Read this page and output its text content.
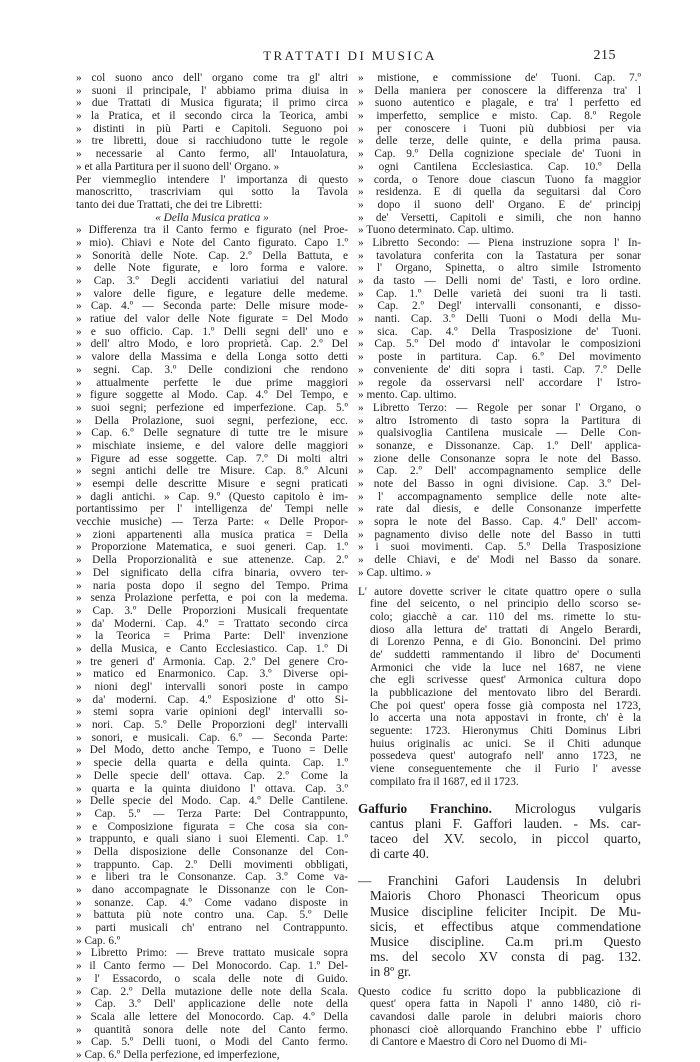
TRATTATI DI MUSICA	215
» col suono anco dell' organo come tra gl' altri
» suoni il principale, l' abbiamo prima diuisa in
» due Trattati di Musica figurata; il primo circa
» la Pratica, et il secondo circa la Teorica, ambi
» distinti in più Parti e Capitoli. Seguono poi
» tre libretti, doue si racchiudono tutte le regole
» necessarie al Canto fermo, all' Intauolatura,
» et alla Partitura per il suono dell' Organo. »
Per viemmeglio intendere l' importanza di questo
manoscritto, trascriviam qui sotto la Tavola
tanto dei due Trattati, che dei tre Libretti:
« Della Musica pratica »
» Differenza tra il Canto fermo e figurato (nel Proe-
» mio). Chiavi e Note del Canto figurato. Capo 1.º
» Sonorità delle Note. Cap. 2.º Della Battuta, e
» delle Note figurate, e loro forma e valore.
» Cap. 3.º Degli accidenti variatiui del natural
» valore delle figure, e legature delle medeme.
» Cap. 4.º — Seconda parte: Delle misure mode-
» ratiue del valor delle Note figurate = Del Modo
» e suo officio. Cap. 1.º Delli segni dell' uno e
» dell' altro Modo, e loro proprietà. Cap. 2.º Del
» valore della Massima e della Longa sotto detti
» segni. Cap. 3.º Delle condizioni che rendono
» attualmente perfette le due prime maggiori
» figure soggette al Modo. Cap. 4.º Del Tempo, e
» suoi segni; perfezione ed imperfezione. Cap. 5.º
» Della Prolazione, suoi segni, perfezione, ecc.
» Cap. 6.º Delle segnature di tutte tre le misure
» mischiate insieme, e del valore delle maggiori
» Figure ad esse soggette. Cap. 7.º Di molti altri
» segni antichi delle tre Misure. Cap. 8.º Alcuni
» esempi delle descritte Misure e segni praticati
» dagli antichi. » Cap. 9.º (Questo capitolo è im-
portantissimo per l' intelligenza de' Tempi nelle
vecchie musiche) — Terza Parte: « Delle Propor-
» zioni appartenenti alla musica pratica = Della
» Proporzione Matematica, e suoi generi. Cap. 1.º
» Della Proporzionalità e sue attenenze. Cap. 2.º
» Del significato della cifra binaria, ovvero ter-
» naria posta dopo il segno del Tempo. Prima
» senza Prolazione perfetta, e poi con la medema.
» Cap. 3.º Delle Proporzioni Musicali frequentate
» da' Moderni. Cap. 4.º = Trattato secondo circa
» la Teorica = Prima Parte: Dell' invenzione
» della Musica, e Canto Ecclesiastico. Cap. 1.º Di
» tre generi d' Armonia. Cap. 2.º Del genere Cro-
» matico ed Enarmonico. Cap. 3.º Diverse opi-
» nioni degl' intervalli sonori poste in campo
» da' moderni. Cap. 4.º Esposizione d' otto Si-
» stemi sopra varie opinioni degl' intervalli so-
» nori. Cap. 5.º Delle Proporzioni degl' intervalli
» sonori, e musicali. Cap. 6.º — Seconda Parte:
» Del Modo, detto anche Tempo, e Tuono = Delle
» specie della quarta e della quinta. Cap. 1.º
» Delle specie dell' ottava. Cap. 2.º Come la
» quarta e la quinta diuidono l' ottava. Cap. 3.º
» Delle specie del Modo. Cap. 4.º Delle Cantilene.
» Cap. 5.º — Terza Parte: Del Contrappunto,
» e Composizione figurata = Che cosa sia con-
» trappunto, e quali siano i suoi Elementi. Cap. 1.º
» Della disposizione delle Consonanze del Con-
» trappunto. Cap. 2.º Delli movimenti obbligati,
» e liberi tra le Consonanze. Cap. 3.º Come va-
» dano accompagnate le Dissonanze con le Con-
» sonanze. Cap. 4.º Come vadano disposte in
» battuta più note contro una. Cap. 5.º Delle
» parti musicali ch' entrano nel Contrappunto.
» Cap. 6.º
» Libretto Primo: — Breve trattato musicale sopra
» il Canto fermo — Del Monocordo. Cap. 1.º Del-
» l' Essacordo, o scala delle note di Guido.
» Cap. 2.º Della mutazione delle note della Scala.
» Cap. 3.º Dell' applicazione delle note della
» Scala alle lettere del Monocordo. Cap. 4.º Della
» quantità sonora delle note del Canto fermo.
» Cap. 5.º Delli tuoni, o Modi del Canto fermo.
» Cap. 6.º Della perfezione, ed imperfezione,
» mistione, e commissione de' Tuoni. Cap. 7.º
» Della maniera per conoscere la differenza tra' l
» suono autentico e plagale, e tra' l perfetto ed
» imperfetto, semplice e misto. Cap. 8.º Regole
» per conoscere i Tuoni più dubbiosi per via
» delle terze, delle quinte, e della prima pausa.
» Cap. 9.º Della cognizione speciale de' Tuoni in
» ogni Cantilena Ecclesiastica. Cap. 10.º Della
» corda, o Tenore doue ciascun Tuono fa maggior
» residenza. E di quella da seguitarsi dal Coro
» dopo il suono dell' Organo. E de' principj
» de' Versetti, Capitoli e simili, che non hanno
» Tuono determinato. Cap. ultimo.
» Libretto Secondo: — Piena instruzione sopra l' In-
» tavolatura conferita con la Tastatura per sonar
» l' Organo, Spinetta, o altro simile Istromento
» da tasto — Delli nomi de' Tasti, e loro ordine.
» Cap. 1.º Delle varietà dei suoni tra li tasti.
» Cap. 2.º Degl' intervalli consonanti, e disso-
» nanti. Cap. 3.º Delli Tuoni o Modi della Mu-
» sica. Cap. 4.º Della Trasposizione de' Tuoni.
» Cap. 5.º Del modo d' intavolar le composizioni
» poste in partitura. Cap. 6.º Del movimento
» conveniente de' diti sopra i tasti. Cap. 7.º Delle
» regole da osservarsi nell' accordare l' Istro-
» mento. Cap. ultimo.
» Libretto Terzo: — Regole per sonar l' Organo, o
» altro Istromento di tasto sopra la Partitura di
» qualsivoglia Cantilena musicale — Delle Con-
» sonanze, e Dissonanze. Cap. 1.º Dell' applica-
» zione delle Consonanze sopra le note del Basso.
» Cap. 2.º Dell' accompagnamento semplice delle
» note del Basso in ogni divisione. Cap. 3.º Del-
» l' accompagnamento semplice delle note alte-
» rate dal diesis, e delle Consonanze imperfette
» sopra le note del Basso. Cap. 4.º Dell' accom-
» pagnamento diviso delle note del Basso in tutti
» i suoi movimenti. Cap. 5.º Della Trasposizione
» delle Chiavi, e de' Modi nel Basso da sonare.
» Cap. ultimo. »
L' autore dovette scriver le citate quattro opere o sulla
fine del seicento, o nel principio dello scorso se-
colo; giacchè a car. 110 del ms. rimette lo stu-
dioso alla lettura de' trattati di Angelo Berardi,
di Lorenzo Penna, e di Gio. Bononcini. Del primo
de' suddetti rammentando il libro de' Documenti
Armonici che vide la luce nel 1687, ne viene
che egli scrivesse quest' Armonica cultura dopo
la pubblicazione del mentovato libro del Berardi.
Che poi quest' opera fosse già composta nel 1723,
lo accerta una nota appostavi in fronte, ch' è la
seguente: 1723. Hieronymus Chiti Dominus Libri
huius originalis ac unici. Se il Chiti adunque
possedeva quest' autografo nell' anno 1723, ne
viene conseguentemente che il Furio l' avesse
compilato fra il 1687, ed il 1723.
Gaffurio Franchino. Micrologus vulgaris
cantus plani F. Gaffori lauden. - Ms. car-
taceo del XV. secolo, in piccol quarto,
di carte 40.
— Franchini Gafori Laudensis In delubri
Maioris Choro Phonasci Theoricum opus
Musice discipline feliciter Incipit. De Mu-
sicis, et effectibus atque commendatione
Musice discipline. Ca.m pri.m Questo
ms. del secolo XV consta di pag. 132.
in 8º gr.
Questo codice fu scritto dopo la pubblicazione di
quest' opera fatta in Napoli l' anno 1480, ciò ri-
cavandosi dalle parole in delubri maioris choro
phonasci cioè allorquando Franchino ebbe l' ufficio
di Cantore e Maestro di Coro nel Duomo di Mi-
